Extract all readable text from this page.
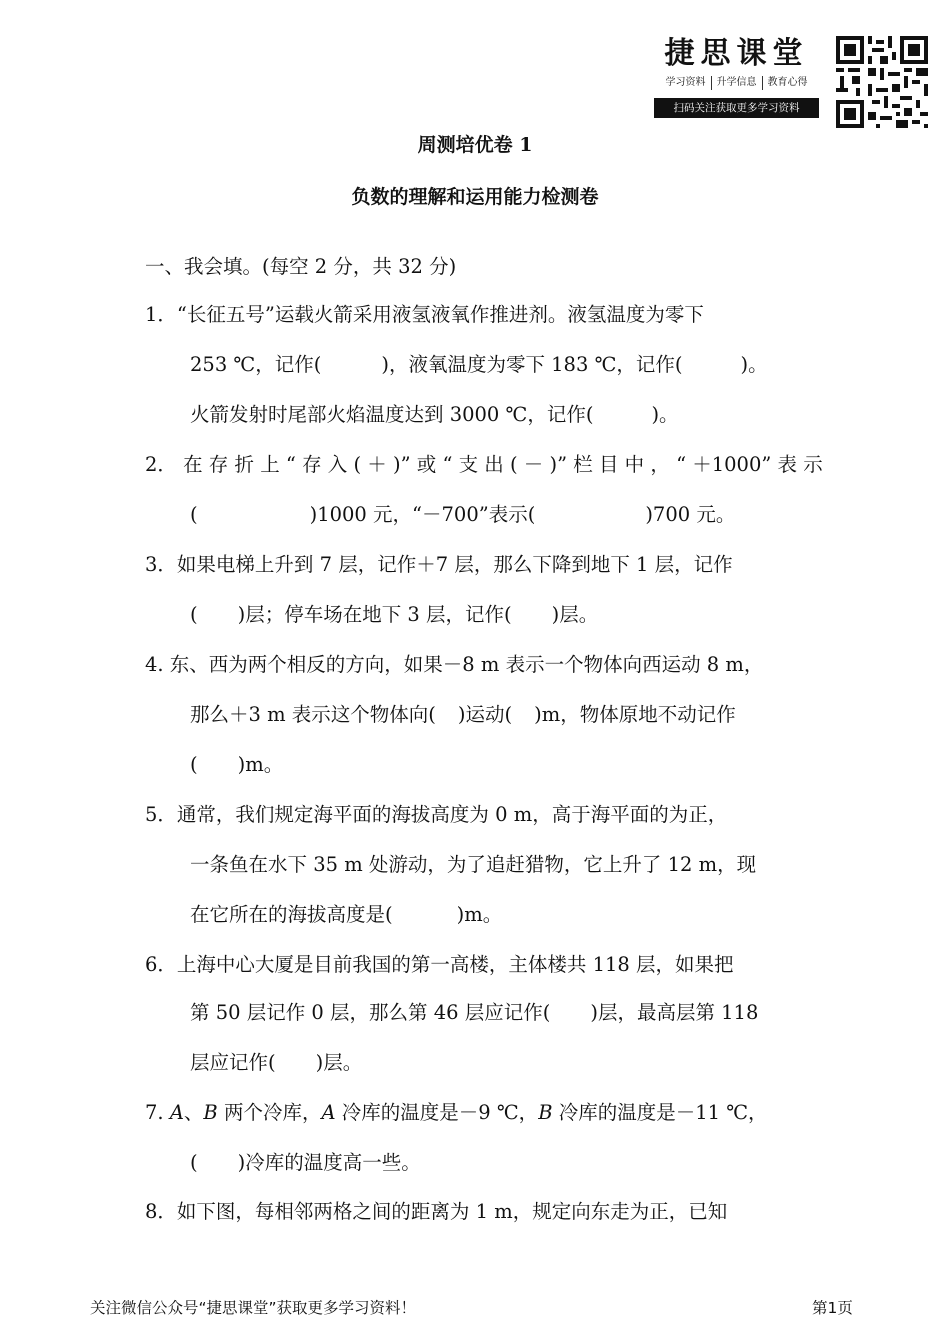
捷思课堂
学习资料	升学信息	教育心得
扫码关注获取更多学习资料
周测培优卷 1
负数的理解和运用能力检测卷
一、我会填。(每空 2 分，共 32 分)
1．“长征五号”运载火箭采用液氢液氧作推进剂。液氢温度为零下
253 ℃，记作(	)，液氧温度为零下 183 ℃，记作(	)。
火箭发射时尾部火焰温度达到 3000 ℃，记作(	)。
2． 在 存 折 上 “ 存 入 ( ＋ )” 或 “ 支 出 ( － )” 栏 目 中 ， “ ＋1000” 表 示
(	)1000 元，“－700”表示(	)700 元。
3．如果电梯上升到 7 层，记作＋7 层，那么下降到地下 1 层，记作
( )层；停车场在地下 3 层，记作( )层。
4. 东、西为两个相反的方向，如果－8 m 表示一个物体向西运动 8 m，
那么＋3 m 表示这个物体向( )运动( )m，物体原地不动记作
( )m。
5．通常，我们规定海平面的海拔高度为 0 m，高于海平面的为正，
一条鱼在水下 35 m 处游动，为了追赶猎物，它上升了 12 m，现
在它所在的海拔高度是(	)m。
6．上海中心大厦是目前我国的第一高楼，主体楼共 118 层，如果把
第 50 层记作 0 层，那么第 46 层应记作( )层，最高层第 118
层应记作( )层。
7. A、B 两个冷库，A 冷库的温度是－9 ℃，B 冷库的温度是－11 ℃，
( )冷库的温度高一些。
8．如下图，每相邻两格之间的距离为 1 m，规定向东走为正，已知
关注微信公众号“捷思课堂”获取更多学习资料！	第1页
